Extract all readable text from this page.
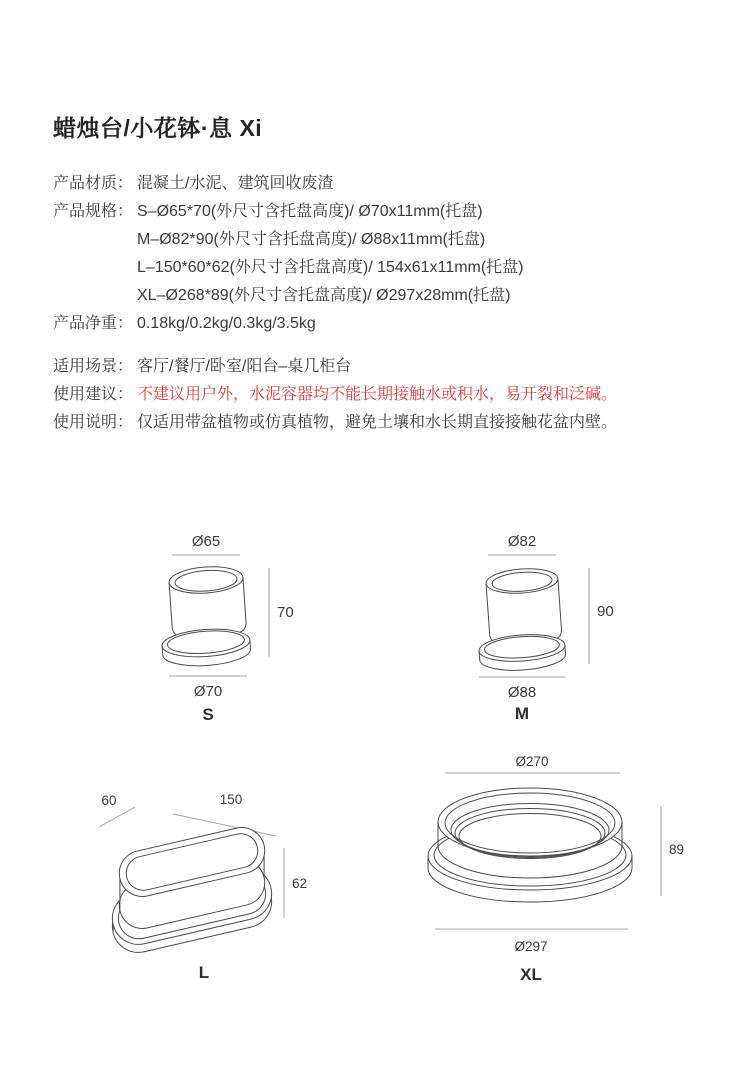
蜡烛台/小花钵·息 Xi
产品材质： 混凝土/水泥、建筑回收废渣
产品规格： S–Ø65*70(外尺寸含托盘高度)/ Ø70x11mm(托盘)
M–Ø82*90(外尺寸含托盘高度)/ Ø88x11mm(托盘)
L–150*60*62(外尺寸含托盘高度)/ 154x61x11mm(托盘)
XL–Ø268*89(外尺寸含托盘高度)/ Ø297x28mm(托盘)
产品净重： 0.18kg/0.2kg/0.3kg/3.5kg
适用场景： 客厅/餐厅/卧室/阳台–桌几柜台
使用建议： 不建议用户外，水泥容器均不能长期接触水或积水，易开裂和泛碱。
使用说明： 仅适用带盆植物或仿真植物，避免土壤和水长期直接接触花盆内壁。
Ø65
70
Ø70
S
Ø82
90
Ø88
M
60	150
62
L
Ø270
89
Ø297
XL
